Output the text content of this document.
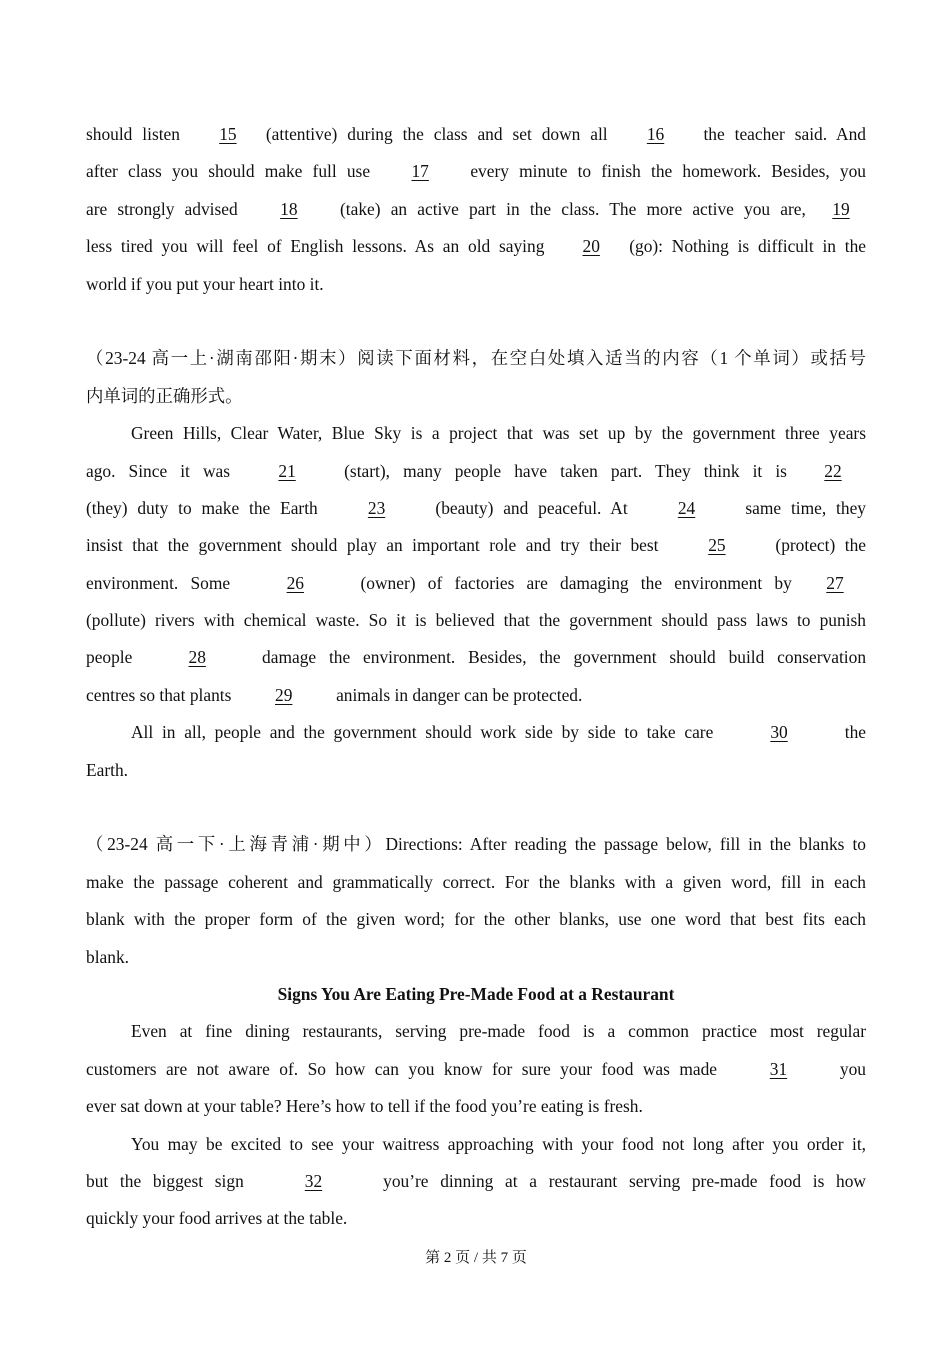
should listen 15 (attentive) during the class and set down all 16 the teacher said. And
after class you should make full use 17 every minute to finish the homework. Besides, you
are strongly advised 18 (take) an active part in the class. The more active you are, 19
less tired you will feel of English lessons. As an old saying 20 (go): Nothing is difficult in the
world if you put your heart into it.
（23-24 高一上·湖南邵阳·期末）阅读下面材料，在空白处填入适当的内容（1 个单词）或括号
内单词的正确形式。
Green Hills, Clear Water, Blue Sky is a project that was set up by the government three years
ago. Since it was 21 (start), many people have taken part. They think it is 22
(they) duty to make the Earth 23 (beauty) and peaceful. At 24 same time, they
insist that the government should play an important role and try their best 25 (protect) the
environment. Some	26	(owner) of factories are damaging the environment by 27
(pollute) rivers with chemical waste. So it is believed that the government should pass laws to punish
people 28 damage the environment. Besides, the government should build conservation
centres so that plants 29 animals in danger can be protected.
All in all, people and the government should work side by side to take care	30	the
Earth.
（23-24 高一下·上海青浦·期中）Directions: After reading the passage below, fill in the blanks to
make the passage coherent and grammatically correct. For the blanks with a given word, fill in each
blank with the proper form of the given word; for the other blanks, use one word that best fits each
blank.
Signs You Are Eating Pre-Made Food at a Restaurant
Even at fine dining restaurants, serving pre-made food is a common practice most regular
customers are not aware of. So how can you know for sure your food was made 31 you
ever sat down at your table? Here’s how to tell if the food you’re eating is fresh.
You may be excited to see your waitress approaching with your food not long after you order it,
but the biggest sign	32	you’re dinning at a restaurant serving pre-made food is how
quickly your food arrives at the table.
第 2 页 / 共 7 页
